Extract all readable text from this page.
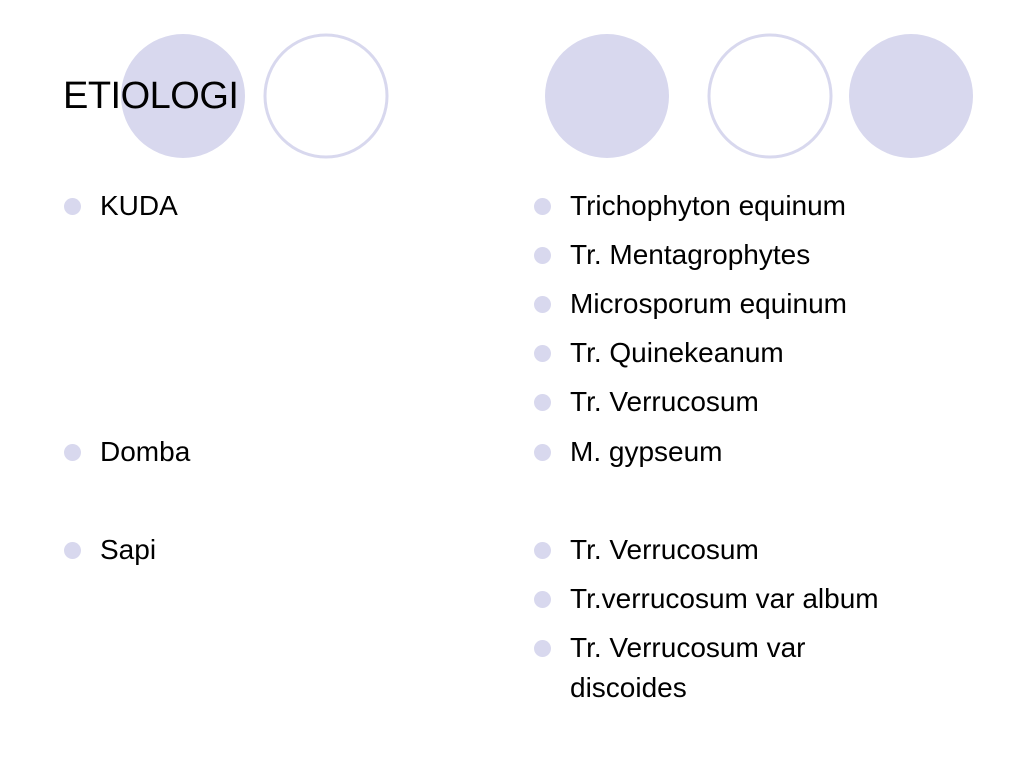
ETIOLOGI
KUDA
Domba
Sapi
Trichophyton equinum
Tr. Mentagrophytes
Microsporum equinum
Tr. Quinekeanum
Tr. Verrucosum
M. gypseum
Tr. Verrucosum
Tr.verrucosum var album
Tr. Verrucosum var discoides
